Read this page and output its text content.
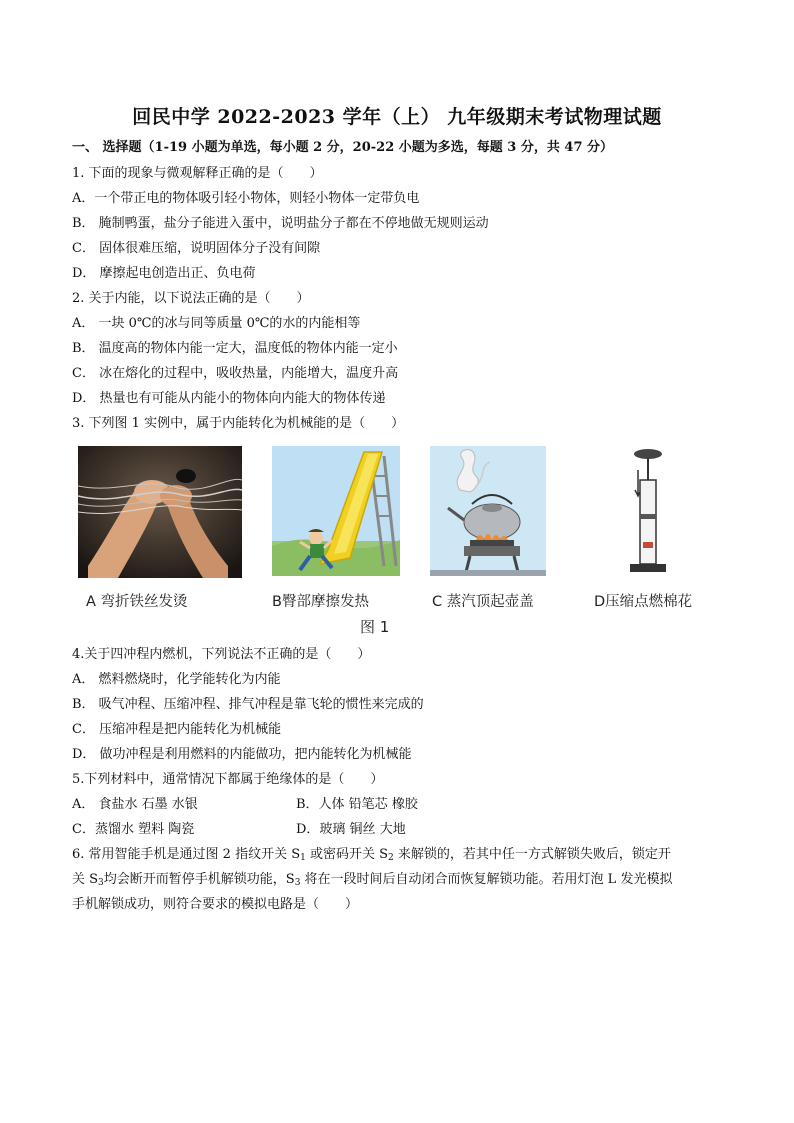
回民中学 2022-2023 学年（上） 九年级期末考试物理试题
一、 选择题（1-19 小题为单选，每小题 2 分，20-22 小题为多选，每题 3 分，共 47 分）
1. 下面的现象与微观解释正确的是（　　）
A．一个带正电的物体吸引轻小物体，则轻小物体一定带负电
B． 腌制鸭蛋，盐分子能进入蛋中，说明盐分子都在不停地做无规则运动
C． 固体很难压缩，说明固体分子没有间隙
D． 摩擦起电创造出正、负电荷
2. 关于内能，以下说法正确的是（　　）
A． 一块 0℃的冰与同等质量 0℃的水的内能相等
B． 温度高的物体内能一定大，温度低的物体内能一定小
C． 冰在熔化的过程中，吸收热量，内能增大，温度升高
D． 热量也有可能从内能小的物体向内能大的物体传递
3. 下列图 1 实例中，属于内能转化为机械能的是（　　）
A 弯折铁丝发烫	B臀部摩擦发热	C 蒸汽顶起壶盖	D压缩点燃棉花
图 1
4.关于四冲程内燃机，下列说法不正确的是（　　）
A． 燃料燃烧时，化学能转化为内能
B． 吸气冲程、压缩冲程、排气冲程是靠飞轮的惯性来完成的
C． 压缩冲程是把内能转化为机械能
D． 做功冲程是利用燃料的内能做功，把内能转化为机械能
5.下列材料中，通常情况下都属于绝缘体的是（　　）
A． 食盐水 石墨 水银	B．人体 铅笔芯 橡胶
C．蒸馏水 塑料 陶瓷	D．玻璃 铜丝 大地
6. 常用智能手机是通过图 2 指纹开关 $S_1$ 或密码开关 $S_2$ 来解锁的，若其中任一方式解锁失败后，锁定开
关 $S_3$均会断开而暂停手机解锁功能，$S_3$ 将在一段时间后自动闭合而恢复解锁功能。若用灯泡 L 发光模拟
手机解锁成功，则符合要求的模拟电路是（　　）
